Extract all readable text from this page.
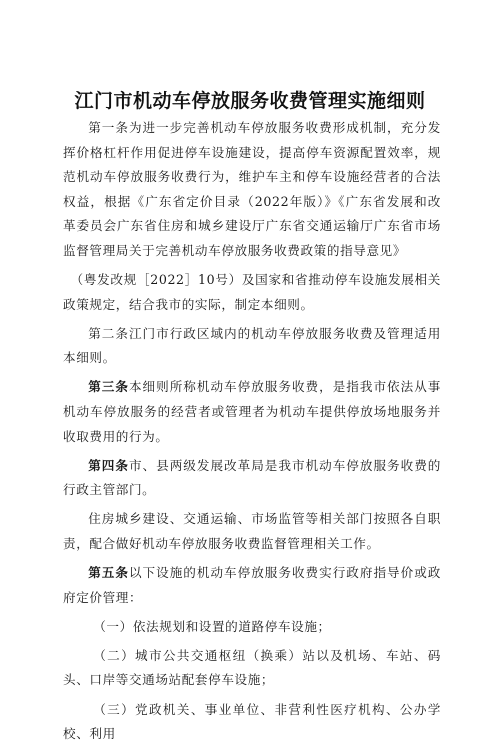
江门市机动车停放服务收费管理实施细则

第一条为进一步完善机动车停放服务收费形成机制，充分发挥价格杠杆作用促进停车设施建设，提高停车资源配置效率，规范机动车停放服务收费行为，维护车主和停车设施经营者的合法权益，根据《广东省定价目录（2022年版）》《广东省发展和改革委员会广东省住房和城乡建设厅广东省交通运输厅广东省市场监督管理局关于完善机动车停放服务收费政策的指导意见》

（粤发改规［2022］10号）及国家和省推动停车设施发展相关政策规定，结合我市的实际，制定本细则。

第二条江门市行政区域内的机动车停放服务收费及管理适用本细则。

第三条本细则所称机动车停放服务收费，是指我市依法从事机动车停放服务的经营者或管理者为机动车提供停放场地服务并收取费用的行为。

第四条市、县两级发展改革局是我市机动车停放服务收费的行政主管部门。

住房城乡建设、交通运输、市场监管等相关部门按照各自职责，配合做好机动车停放服务收费监督管理相关工作。

第五条以下设施的机动车停放服务收费实行政府指导价或政府定价管理：

（一）依法规划和设置的道路停车设施；

（二）城市公共交通枢纽（换乘）站以及机场、车站、码头、口岸等交通场站配套停车设施；

（三）党政机关、事业单位、非营利性医疗机构、公办学校、利用
